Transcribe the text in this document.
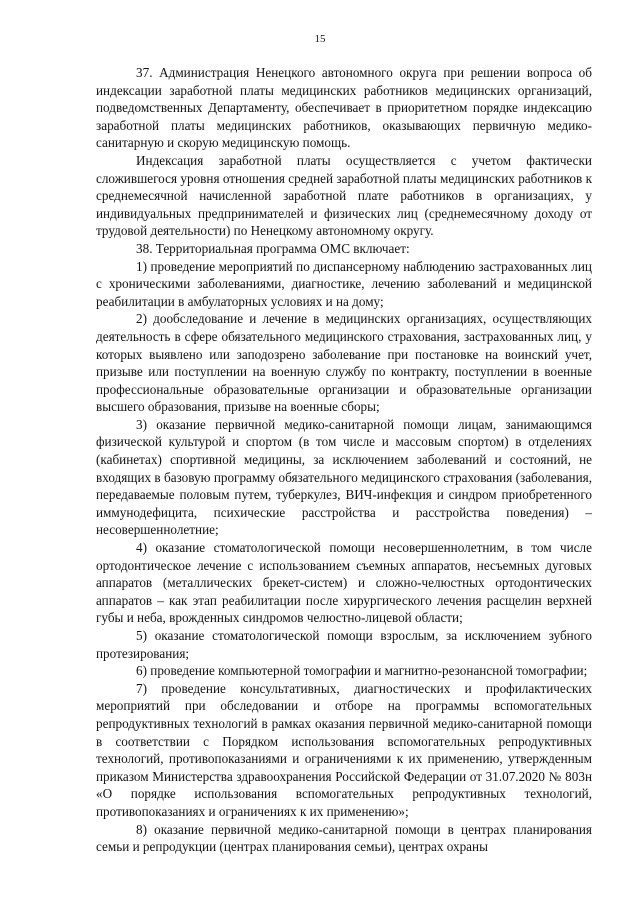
15

37. Администрация Ненецкого автономного округа при решении вопроса об индексации заработной платы медицинских работников медицинских организаций, подведомственных Департаменту, обеспечивает в приоритетном порядке индексацию заработной платы медицинских работников, оказывающих первичную медико-санитарную и скорую медицинскую помощь.

Индексация заработной платы осуществляется с учетом фактически сложившегося уровня отношения средней заработной платы медицинских работников к среднемесячной начисленной заработной плате работников в организациях, у индивидуальных предпринимателей и физических лиц (среднемесячному доходу от трудовой деятельности) по Ненецкому автономному округу.

38. Территориальная программа ОМС включает:

1) проведение мероприятий по диспансерному наблюдению застрахованных лиц с хроническими заболеваниями, диагностике, лечению заболеваний и медицинской реабилитации в амбулаторных условиях и на дому;

2) дообследование и лечение в медицинских организациях, осуществляющих деятельность в сфере обязательного медицинского страхования, застрахованных лиц, у которых выявлено или заподозрено заболевание при постановке на воинский учет, призыве или поступлении на военную службу по контракту, поступлении в военные профессиональные образовательные организации и образовательные организации высшего образования, призыве на военные сборы;

3) оказание первичной медико-санитарной помощи лицам, занимающимся физической культурой и спортом (в том числе и массовым спортом) в отделениях (кабинетах) спортивной медицины, за исключением заболеваний и состояний, не входящих в базовую программу обязательного медицинского страхования (заболевания, передаваемые половым путем, туберкулез, ВИЧ-инфекция и синдром приобретенного иммунодефицита, психические расстройства и расстройства поведения) – несовершеннолетние;

4) оказание стоматологической помощи несовершеннолетним, в том числе ортодонтическое лечение с использованием съемных аппаратов, несъемных дуговых аппаратов (металлических брекет-систем) и сложно-челюстных ортодонтических аппаратов – как этап реабилитации после хирургического лечения расщелин верхней губы и неба, врожденных синдромов челюстно-лицевой области;

5) оказание стоматологической помощи взрослым, за исключением зубного протезирования;

6) проведение компьютерной томографии и магнитно-резонансной томографии;

7) проведение консультативных, диагностических и профилактических мероприятий при обследовании и отборе на программы вспомогательных репродуктивных технологий в рамках оказания первичной медико-санитарной помощи в соответствии с Порядком использования вспомогательных репродуктивных технологий, противопоказаниями и ограничениями к их применению, утвержденным приказом Министерства здравоохранения Российской Федерации от 31.07.2020 № 803н «О порядке использования вспомогательных репродуктивных технологий, противопоказаниях и ограничениях к их применению»;

8) оказание первичной медико-санитарной помощи в центрах планирования семьи и репродукции (центрах планирования семьи), центрах охраны
